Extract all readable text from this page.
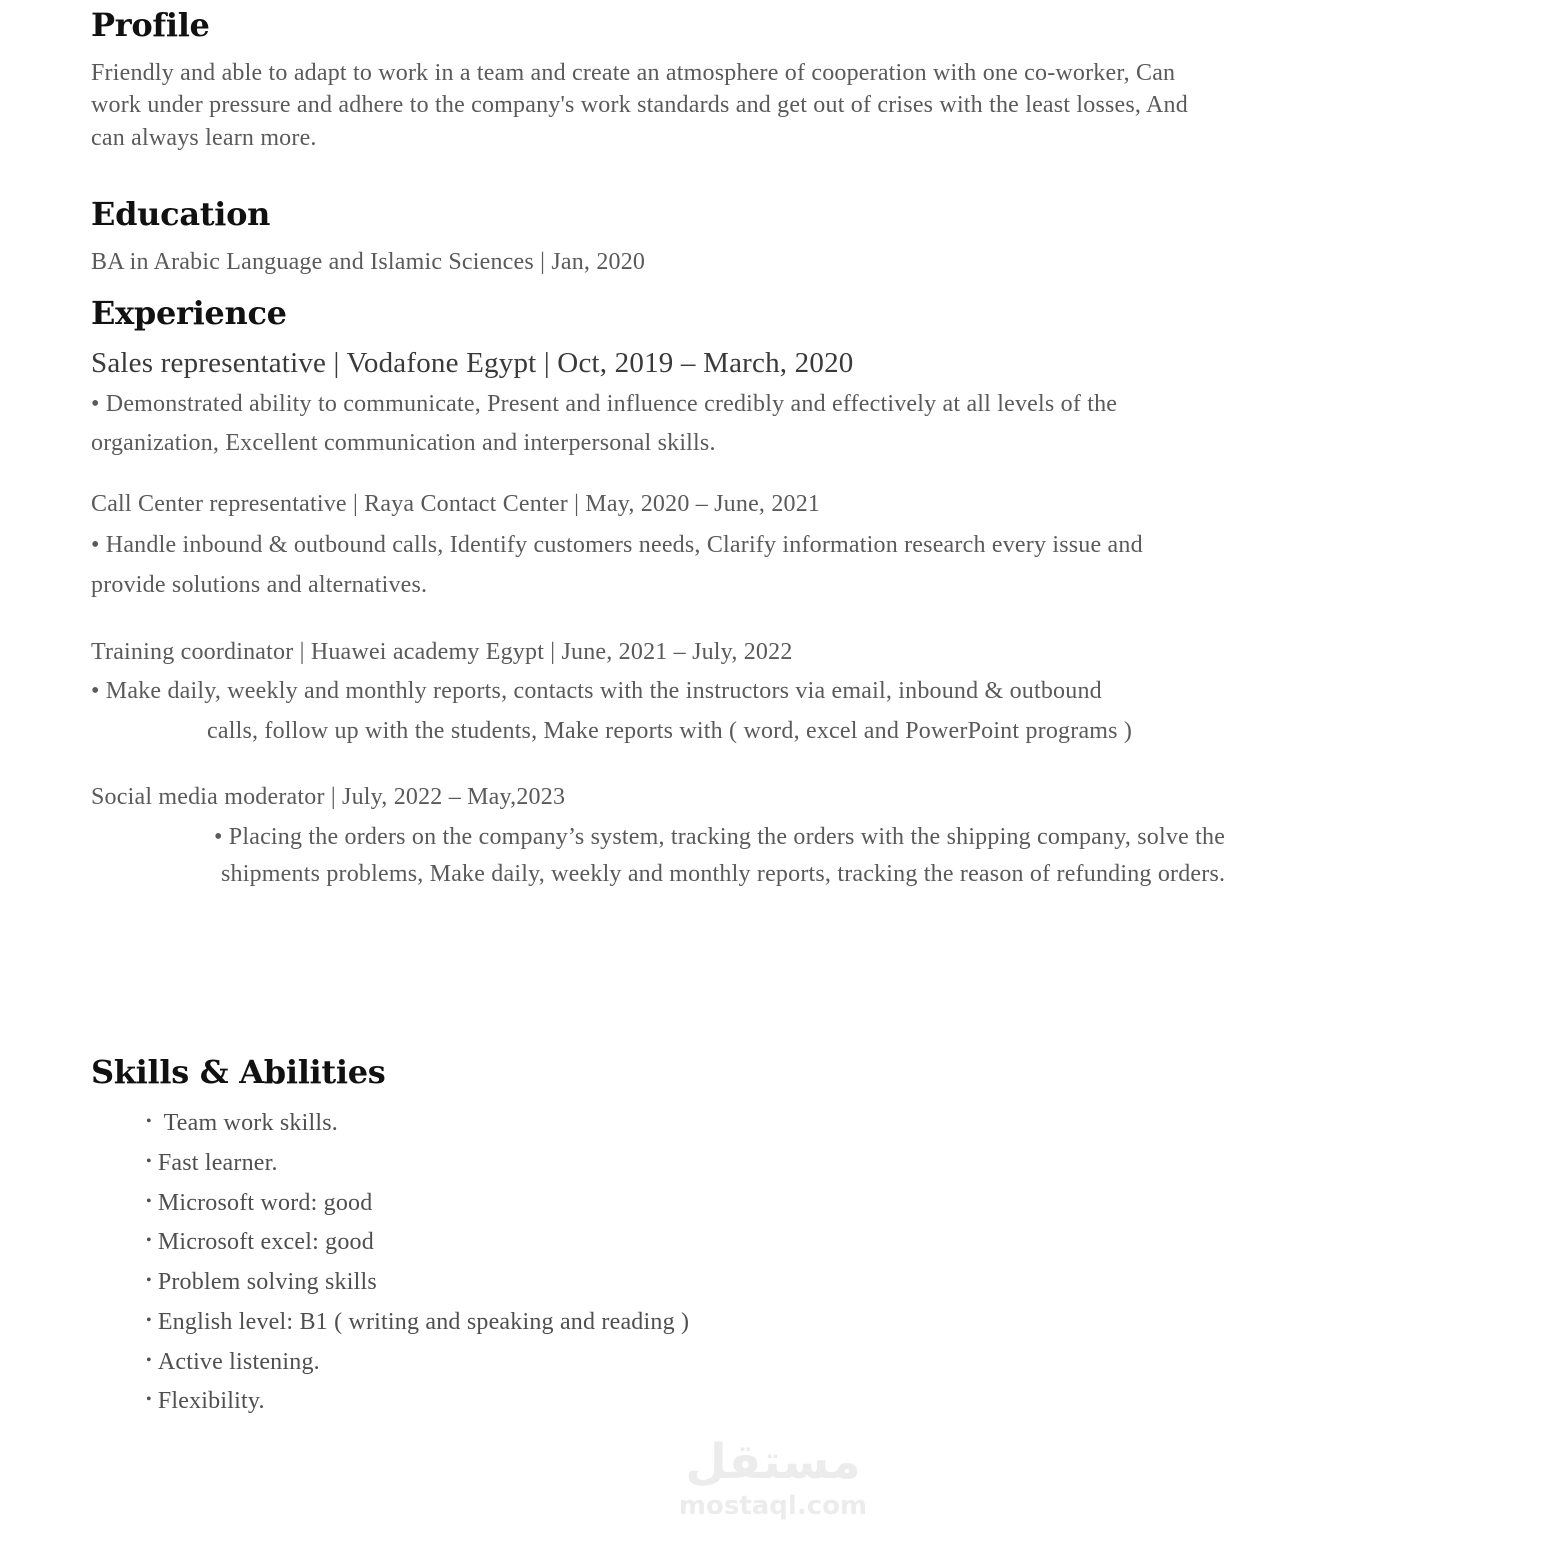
Profile
Friendly and able to adapt to work in a team and create an atmosphere of cooperation with one co-worker, Can
work under pressure and adhere to the company's work standards and get out of crises with the least losses, And
can always learn more.
Education
BA in Arabic Language and Islamic Sciences | Jan, 2020
Experience
Sales representative | Vodafone Egypt | Oct, 2019 – March, 2020
• Demonstrated ability to communicate, Present and influence credibly and effectively at all levels of the
organization, Excellent communication and interpersonal skills.
Call Center representative | Raya Contact Center | May, 2020 – June, 2021
• Handle inbound & outbound calls, Identify customers needs, Clarify information research every issue and
provide solutions and alternatives.
Training coordinator | Huawei academy Egypt | June, 2021 – July, 2022
• Make daily, weekly and monthly reports, contacts with the instructors via email, inbound & outbound
calls, follow up with the students, Make reports with ( word, excel and PowerPoint programs )
Social media moderator | July, 2022 – May,2023
• Placing the orders on the company’s system, tracking the orders with the shipping company, solve the
shipments problems, Make daily, weekly and monthly reports, tracking the reason of refunding orders.
Skills & Abilities
• Team work skills.
• Fast learner.
• Microsoft word: good
• Microsoft excel: good
• Problem solving skills
• English level: B1 ( writing and speaking and reading )
• Active listening.
• Flexibility.
مستقل
mostaql.com
